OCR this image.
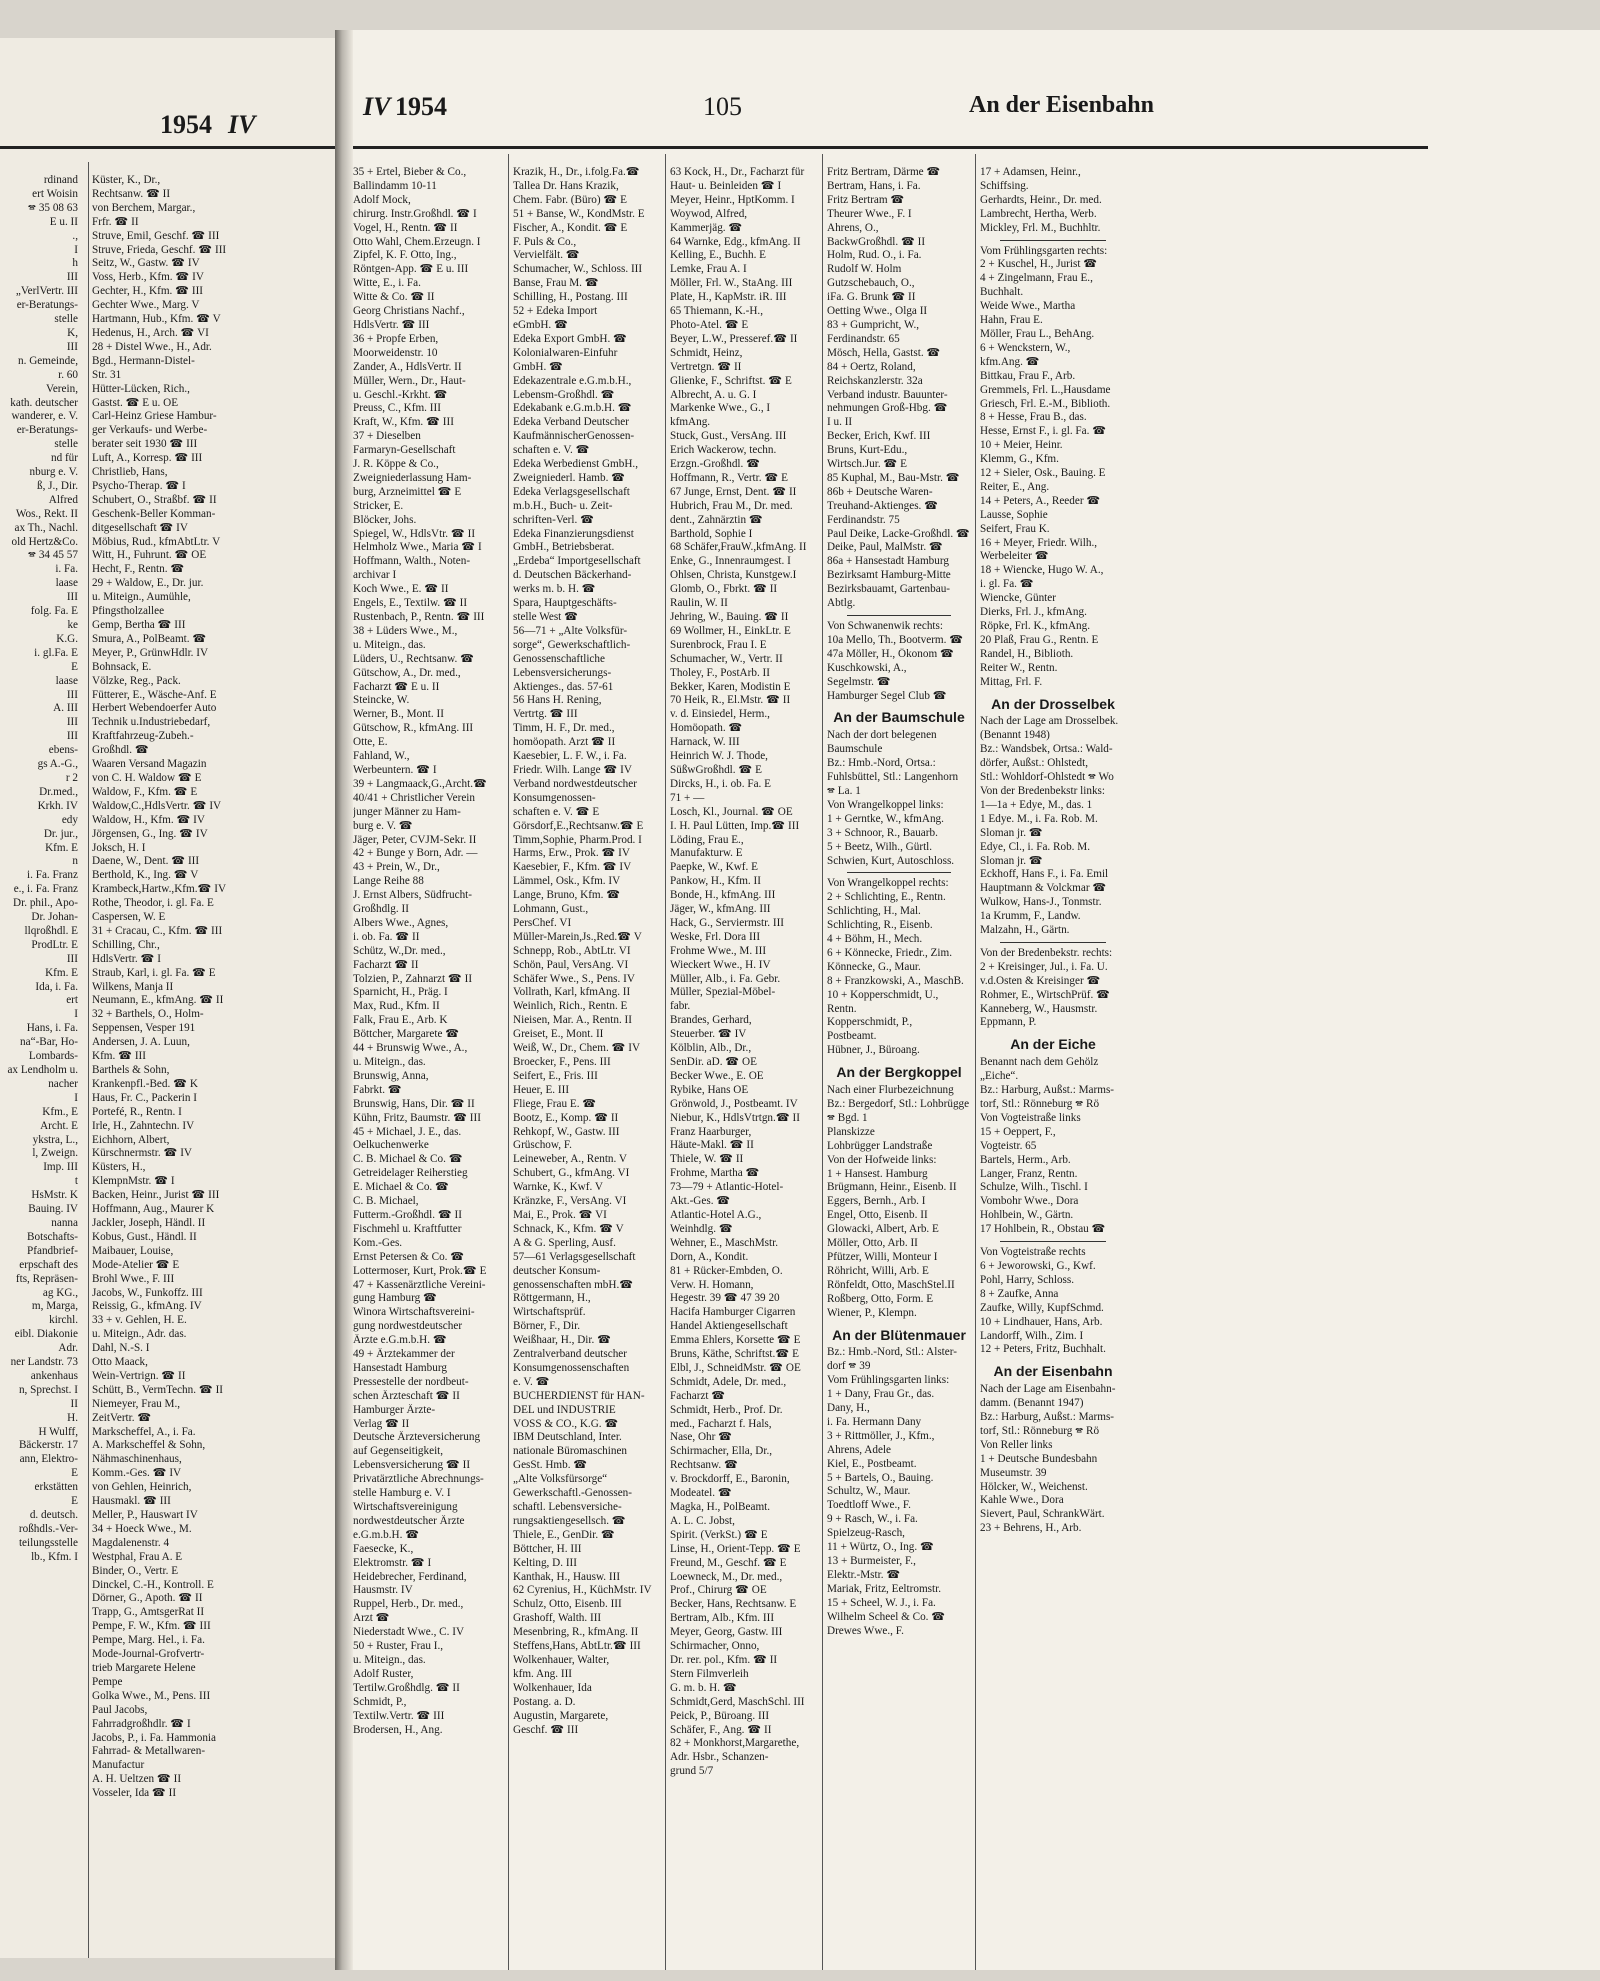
1954 IV
rdinand
ert Woisin
🕿 35 08 63
E u. II
.,
I
h
III
„VerlVertr. III
er-Beratungs-
stelle
K,
III
n. Gemeinde,
r. 60
Verein,
kath. deutscher
wanderer, e. V.
er-Beratungs-
stelle
nd für
nburg e. V.
ß, J., Dir.
Alfred
Wos., Rekt. II
ax Th., Nachl.
old Hertz&Co.
🕿 34 45 57
i. Fa.
laase
III
folg. Fa. E
ke
K.G.
i. gl.Fa. E
E
laase
III
A. III
III
III
ebens-
gs A.-G.,
r 2
Dr.med.,
Krkh. IV
edy
Dr. jur.,
Kfm. E
n
i. Fa. Franz
e., i. Fa. Franz
Dr. phil., Apo-
Dr. Johan-
llqroßhdl. E
ProdLtr. E
III
Kfm. E
Ida, i. Fa.
ert
I
Hans, i. Fa.
na“-Bar, Ho-
Lombards-
ax Lendholm u.
nacher
I
Kfm., E
Archt. E
ykstra, L.,
l, Zweign.
Imp. III
t
HsMstr. K
Bauing. IV
nanna
Botschafts-
Pfandbrief-
erpschaft des
fts, Repräsen-
ag KG.,
m, Marga,
kirchl.
eibl. Diakonie
Adr.
ner Landstr. 73
ankenhaus
n, Sprechst. I
II
H.
H Wulff,
Bäckerstr. 17
ann, Elektro-
E
erkstätten
E
d. deutsch.
roßhdls.-Ver-
teilungsstelle
lb., Kfm. I
Küster, K., Dr.,
Rechtsanw. ☎ II
von Berchem, Margar.,
Frfr. ☎ II
Struve, Emil, Geschf. ☎ III
Struve, Frieda, Geschf. ☎ III
Seitz, W., Gastw. ☎ IV
Voss, Herb., Kfm. ☎ IV
Gechter, H., Kfm. ☎ III
Gechter Wwe., Marg. V
Hartmann, Hub., Kfm. ☎ V
Hedenus, H., Arch. ☎ VI
28 + Distel Wwe., H., Adr.
Bgd., Hermann-Distel-
Str. 31
Hütter-Lücken, Rich.,
Gastst. ☎ E u. OE
Carl-Heinz Griese Hambur-
ger Verkaufs- und Werbe-
berater seit 1930 ☎ III
Luft, A., Korresp. ☎ III
Christlieb, Hans,
Psycho-Therap. ☎ I
Schubert, O., Straßbf. ☎ II
Geschenk-Beller Komman-
ditgesellschaft ☎ IV
Möbius, Rud., kfmAbtLtr. V
Witt, H., Fuhrunt. ☎ OE
Hecht, F., Rentn. ☎
29 + Waldow, E., Dr. jur.
u. Miteign., Aumühle,
Pfingstholzallee
Gemp, Bertha ☎ III
Smura, A., PolBeamt. ☎
Meyer, P., GrünwHdlr. IV
Bohnsack, E.
Völzke, Reg., Pack.
Fütterer, E., Wäsche-Anf. E
Herbert Webendoerfer Auto
Technik u.Industriebedarf,
Kraftfahrzeug-Zubeh.-
Großhdl. ☎
Waaren Versand Magazin
von C. H. Waldow ☎ E
Waldow, F., Kfm. ☎ E
Waldow,C.,HdlsVertr. ☎ IV
Waldow, H., Kfm. ☎ IV
Jörgensen, G., Ing. ☎ IV
Joksch, H. I
Daene, W., Dent. ☎ III
Berthold, K., Ing. ☎ V
Krambeck,Hartw.,Kfm.☎ IV
Rothe, Theodor, i. gl. Fa. E
Caspersen, W. E
31 + Cracau, C., Kfm. ☎ III
Schilling, Chr.,
HdlsVertr. ☎ I
Straub, Karl, i. gl. Fa. ☎ E
Wilkens, Manja II
Neumann, E., kfmAng. ☎ II
32 + Barthels, O., Holm-
Seppensen, Vesper 191
Andersen, J. A. Luun,
Kfm. ☎ III
Barthels & Sohn,
Krankenpfl.-Bed. ☎ K
Haus, Fr. C., Packerin I
Portefé, R., Rentn. I
Irle, H., Zahntechn. IV
Eichhorn, Albert,
Kürschnermstr. ☎ IV
Küsters, H.,
KlempnMstr. ☎ I
Backen, Heinr., Jurist ☎ III
Hoffmann, Aug., Maurer K
Jackler, Joseph, Händl. II
Kobus, Gust., Händl. II
Maibauer, Louise,
Mode-Atelier ☎ E
Brohl Wwe., F. III
Jacobs, W., Funkoffz. III
Reissig, G., kfmAng. IV
33 + v. Gehlen, H. E.
u. Miteign., Adr. das.
Dahl, N.-S. I
Otto Maack,
Wein-Vertrign. ☎ II
Schütt, B., VermTechn. ☎ II
Niemeyer, Frau M.,
ZeitVertr. ☎
Markscheffel, A., i. Fa.
A. Markscheffel & Sohn,
Nähmaschinenhaus,
Komm.-Ges. ☎ IV
von Gehlen, Heinrich,
Hausmakl. ☎ III
Meller, P., Hauswart IV
34 + Hoeck Wwe., M.
Magdalenenstr. 4
Westphal, Frau A. E
Binder, O., Vertr. E
Dinckel, C.-H., Kontroll. E
Dörner, G., Apoth. ☎ II
Trapp, G., AmtsgerRat II
Pempe, F. W., Kfm. ☎ III
Pempe, Marg. Hel., i. Fa.
Mode-Journal-Grofvertr-
trieb Margarete Helene
Pempe
Golka Wwe., M., Pens. III
Paul Jacobs,
Fahrradgroßhdlr. ☎ I
Jacobs, P., i. Fa. Hammonia
Fahrrad- & Metallwaren-
Manufactur
A. H. Ueltzen ☎ II
Vosseler, Ida ☎ II
IV 1954	105	An der Eisenbahn
35 + Ertel, Bieber & Co.,
Ballindamm 10-11
Adolf Mock,
chirurg. Instr.Großhdl. ☎ I
Vogel, H., Rentn. ☎ II
Otto Wahl, Chem.Erzeugn. I
Zipfel, K. F. Otto, Ing.,
Röntgen-App. ☎ E u. III
Witte, E., i. Fa.
Witte & Co. ☎ II
Georg Christians Nachf.,
HdlsVertr. ☎ III
36 + Propfe Erben,
Moorweidenstr. 10
Zander, A., HdlsVertr. II
Müller, Wern., Dr., Haut-
u. Geschl.-Krkht. ☎
Preuss, C., Kfm. III
Kraft, W., Kfm. ☎ III
37 + Dieselben
Farmaryn-Gesellschaft
J. R. Köppe & Co.,
Zweigniederlassung Ham-
burg, Arzneimittel ☎ E
Stricker, E.
Blöcker, Johs.
Spiegel, W., HdlsVtr. ☎ II
Helmholz Wwe., Maria ☎ I
Hoffmann, Walth., Noten-
archivar I
Koch Wwe., E. ☎ II
Engels, E., Textilw. ☎ II
Rustenbach, P., Rentn. ☎ III
38 + Lüders Wwe., M.,
u. Miteign., das.
Lüders, U., Rechtsanw. ☎
Gütschow, A., Dr. med.,
Facharzt ☎ E u. II
Steincke, W.
Werner, B., Mont. II
Gütschow, R., kfmAng. III
Otte, E.
Fahland, W.,
Werbeuntern. ☎ I
39 + Langmaack,G.,Archt.☎
40/41 + Christlicher Verein
junger Männer zu Ham-
burg e. V. ☎
Jäger, Peter, CVJM-Sekr. II
42 + Bunge y Born, Adr. —
43 + Prein, W., Dr.,
Lange Reihe 88
J. Ernst Albers, Südfrucht-
Großhdlg. II
Albers Wwe., Agnes,
i. ob. Fa. ☎ II
Schütz, W.,Dr. med.,
Facharzt ☎ II
Tolzien, P., Zahnarzt ☎ II
Sparnicht, H., Präg. I
Max, Rud., Kfm. II
Falk, Frau E., Arb. K
Böttcher, Margarete ☎
44 + Brunswig Wwe., A.,
u. Miteign., das.
Brunswig, Anna,
Fabrkt. ☎
Brunswig, Hans, Dir. ☎ II
Kühn, Fritz, Baumstr. ☎ III
45 + Michael, J. E., das.
Oelkuchenwerke
C. B. Michael & Co. ☎
Getreidelager Reiherstieg
E. Michael & Co. ☎
C. B. Michael,
Futterm.-Großhdl. ☎ II
Fischmehl u. Kraftfutter
Kom.-Ges.
Ernst Petersen & Co. ☎
Lottermoser, Kurt, Prok.☎ E
47 + Kassenärztliche Vereini-
gung Hamburg ☎
Winora Wirtschaftsvereini-
gung nordwestdeutscher
Ärzte e.G.m.b.H. ☎
49 + Ärztekammer der
Hansestadt Hamburg
Pressestelle der nordbeut-
schen Ärzteschaft ☎ II
Hamburger Ärzte-
Verlag ☎ II
Deutsche Ärzteversicherung
auf Gegenseitigkeit,
Lebensversicherung ☎ II
Privatärztliche Abrechnungs-
stelle Hamburg e. V. I
Wirtschaftsvereinigung
nordwestdeutscher Ärzte
e.G.m.b.H. ☎
Faesecke, K.,
Elektromstr. ☎ I
Heidebrecher, Ferdinand,
Hausmstr. IV
Ruppel, Herb., Dr. med.,
Arzt ☎
Niederstadt Wwe., C. IV
50 + Ruster, Frau I.,
u. Miteign., das.
Adolf Ruster,
Tertilw.Großhdlg. ☎ II
Schmidt, P.,
Textilw.Vertr. ☎ III
Brodersen, H., Ang.
Krazik, H., Dr., i.folg.Fa.☎
Tallea Dr. Hans Krazik,
Chem. Fabr. (Büro) ☎ E
51 + Banse, W., KondMstr. E
Fischer, A., Kondit. ☎ E
F. Puls & Co.,
Vervielfält. ☎
Schumacher, W., Schloss. III
Banse, Frau M. ☎
Schilling, H., Postang. III
52 + Edeka Import
eGmbH. ☎
Edeka Export GmbH. ☎
Kolonialwaren-Einfuhr
GmbH. ☎
Edekazentrale e.G.m.b.H.,
Lebensm-Großhdl. ☎
Edekabank e.G.m.b.H. ☎
Edeka Verband Deutscher
KaufmännischerGenossen-
schaften e. V. ☎
Edeka Werbedienst GmbH.,
Zweigniederl. Hamb. ☎
Edeka Verlagsgesellschaft
m.b.H., Buch- u. Zeit-
schriften-Verl. ☎
Edeka Finanzierungsdienst
GmbH., Betriebsberat.
„Erdeba“ Importgesellschaft
d. Deutschen Bäckerhand-
werks m. b. H. ☎
Spara, Hauptgeschäfts-
stelle West ☎
56—71 + „Alte Volksfür-
sorge“, Gewerkschaftlich-
Genossenschaftliche
Lebensversicherungs-
Aktienges., das. 57-61
56 Hans H. Rening,
Vertrtg. ☎ III
Timm, H. F., Dr. med.,
homöopath. Arzt ☎ II
Kaesebier, L. F. W., i. Fa.
Friedr. Wilh. Lange ☎ IV
Verband nordwestdeutscher
Konsumgenossen-
schaften e. V. ☎ E
Görsdorf,E.,Rechtsanw.☎ E
Timm,Sophie, Pharm.Prod. I
Harms, Erw., Prok. ☎ IV
Kaesebier, F., Kfm. ☎ IV
Lämmel, Osk., Kfm. IV
Lange, Bruno, Kfm. ☎
Lohmann, Gust.,
PersChef. VI
Müller-Marein,Js.,Red.☎ V
Schnepp, Rob., AbtLtr. VI
Schön, Paul, VersAng. VI
Schäfer Wwe., S., Pens. IV
Vollrath, Karl, kfmAng. II
Weinlich, Rich., Rentn. E
Nieisen, Mar. A., Rentn. II
Greiset, E., Mont. II
Weiß, W., Dr., Chem. ☎ IV
Broecker, F., Pens. III
Seifert, E., Fris. III
Heuer, E. III
Fliege, Frau E. ☎
Bootz, E., Komp. ☎ II
Rehkopf, W., Gastw. III
Grüschow, F.
Leineweber, A., Rentn. V
Schubert, G., kfmAng. VI
Warnke, K., Kwf. V
Kränzke, F., VersAng. VI
Mai, E., Prok. ☎ VI
Schnack, K., Kfm. ☎ V
A & G. Sperling, Ausf.
57—61 Verlagsgesellschaft
deutscher Konsum-
genossenschaften mbH.☎
Röttgermann, H.,
Wirtschaftsprüf.
Börner, F., Dir.
Weißhaar, H., Dir. ☎
Zentralverband deutscher
Konsumgenossenschaften
e. V. ☎
BUCHERDIENST für HAN-
DEL und INDUSTRIE
VOSS & CO., K.G. ☎
IBM Deutschland, Inter.
nationale Büromaschinen
GesSt. Hmb. ☎
„Alte Volksfürsorge“
Gewerkschaftl.-Genossen-
schaftl. Lebensversiche-
rungsaktiengesellsch. ☎
Thiele, E., GenDir. ☎
Böttcher, H. III
Kelting, D. III
Kanthak, H., Hausw. III
62 Cyrenius, H., KüchMstr. IV
Schulz, Otto, Eisenb. III
Grashoff, Walth. III
Mesenbring, R., kfmAng. II
Steffens,Hans, AbtLtr.☎ III
Wolkenhauer, Walter,
kfm. Ang. III
Wolkenhauer, Ida
Postang. a. D.
Augustin, Margarete,
Geschf. ☎ III
63 Kock, H., Dr., Facharzt für
Haut- u. Beinleiden ☎ I
Meyer, Heinr., HptKomm. I
Woywod, Alfred,
Kammerjäg. ☎
64 Warnke, Edg., kfmAng. II
Kelling, E., Buchh. E
Lemke, Frau A. I
Möller, Frl. W., StaAng. III
Plate, H., KapMstr. iR. III
65 Thiemann, K.-H.,
Photo-Atel. ☎ E
Beyer, L.W., Presseref.☎ II
Schmidt, Heinz,
Vertretgn. ☎ II
Glienke, F., Schriftst. ☎ E
Albrecht, A. u. G. I
Markenke Wwe., G., I
kfmAng.
Stuck, Gust., VersAng. III
Erich Wackerow, techn.
Erzgn.-Großhdl. ☎
Hoffmann, R., Vertr. ☎ E
67 Junge, Ernst, Dent. ☎ II
Hubrich, Frau M., Dr. med.
dent., Zahnärztin ☎
Barthold, Sophie I
68 Schäfer,FrauW.,kfmAng. II
Enke, G., Innenraumgest. I
Ohlsen, Christa, Kunstgew.I
Glomb, O., Fbrkt. ☎ II
Raulin, W. II
Jehring, W., Bauing. ☎ II
69 Wollmer, H., EinkLtr. E
Surenbrock, Frau I. E
Schumacher, W., Vertr. II
Tholey, F., PostArb. II
Bekker, Karen, Modistin E
70 Heik, R., El.Mstr. ☎ II
v. d. Einsiedel, Herm.,
Homöopath. ☎
Harnack, W. III
Heinrich W. J. Thode,
SüßwGroßhdl. ☎ E
Dircks, H., i. ob. Fa. E
71 + —
Losch, Kl., Journal. ☎ OE
I. H. Paul Lütten, Imp.☎ III
Löding, Frau E.,
Manufakturw. E
Paepke, W., Kwf. E
Pankow, H., Kfm. II
Bonde, H., kfmAng. III
Jäger, W., kfmAng. III
Hack, G., Serviermstr. III
Weske, Frl. Dora III
Frohme Wwe., M. III
Wieckert Wwe., H. IV
Müller, Alb., i. Fa. Gebr.
Müller, Spezial-Möbel-
fabr.
Brandes, Gerhard,
Steuerber. ☎ IV
Kölblin, Alb., Dr.,
SenDir. aD. ☎ OE
Becker Wwe., E. OE
Rybike, Hans OE
Grönwold, J., Postbeamt. IV
Niebur, K., HdlsVtrtgn.☎ II
Franz Haarburger,
Häute-Makl. ☎ II
Thiele, W. ☎ II
Frohme, Martha ☎
73—79 + Atlantic-Hotel-
Akt.-Ges. ☎
Atlantic-Hotel A.G.,
Weinhdlg. ☎
Wehner, E., MaschMstr.
Dorn, A., Kondit.
81 + Rücker-Embden, O.
Verw. H. Homann,
Hegestr. 39 ☎ 47 39 20
Hacifa Hamburger Cigarren
Handel Aktiengesellschaft
Emma Ehlers, Korsette ☎ E
Bruns, Käthe, Schriftst.☎ E
Elbl, J., SchneidMstr. ☎ OE
Schmidt, Adele, Dr. med.,
Facharzt ☎
Schmidt, Herb., Prof. Dr.
med., Facharzt f. Hals,
Nase, Ohr ☎
Schirmacher, Ella, Dr.,
Rechtsanw. ☎
v. Brockdorff, E., Baronin,
Modeatel. ☎
Magka, H., PolBeamt.
A. L. C. Jobst,
Spirit. (VerkSt.) ☎ E
Linse, H., Orient-Tepp. ☎ E
Freund, M., Geschf. ☎ E
Loewneck, M., Dr. med.,
Prof., Chirurg ☎ OE
Becker, Hans, Rechtsanw. E
Bertram, Alb., Kfm. III
Meyer, Georg, Gastw. III
Schirmacher, Onno,
Dr. rer. pol., Kfm. ☎ II
Stern Filmverleih
G. m. b. H. ☎
Schmidt,Gerd, MaschSchl. III
Peick, P., Büroang. III
Schäfer, F., Ang. ☎ II
82 + Monkhorst,Margarethe,
Adr. Hsbr., Schanzen-
grund 5/7
Fritz Bertram, Därme ☎
Bertram, Hans, i. Fa.
Fritz Bertram ☎
Theurer Wwe., F. I
Ahrens, O.,
BackwGroßhdl. ☎ II
Holm, Rud. O., i. Fa.
Rudolf W. Holm
Gutzschebauch, O.,
iFa. G. Brunk ☎ II
Oetting Wwe., Olga II
83 + Gumpricht, W.,
Ferdinandstr. 65
Mösch, Hella, Gastst. ☎
84 + Oertz, Roland,
Reichskanzlerstr. 32a
Verband industr. Bauunter-
nehmungen Groß-Hbg. ☎
I u. II
Becker, Erich, Kwf. III
Bruns, Kurt-Edu.,
Wirtsch.Jur. ☎ E
85 Kuphal, M., Bau-Mstr. ☎
86b + Deutsche Waren-
Treuhand-Aktienges. ☎
Ferdinandstr. 75
Paul Deike, Lacke-Großhdl. ☎
Deike, Paul, MalMstr. ☎
86a + Hansestadt Hamburg
Bezirksamt Hamburg-Mitte
Bezirksbauamt, Gartenbau-
Abtlg.
Von Schwanenwik rechts:
10a Mello, Th., Bootverm. ☎
47a Möller, H., Ökonom ☎
Kuschkowski, A.,
Segelmstr. ☎
Hamburger Segel Club ☎
An der Baumschule
Nach der dort belegenen
Baumschule
Bz.: Hmb.-Nord, Ortsa.:
Fuhlsbüttel, Stl.: Langenhorn
🕿 La. 1
Von Wrangelkoppel links:
1 + Gerntke, W., kfmAng.
3 + Schnoor, R., Bauarb.
5 + Beetz, Wilh., Gürtl.
Schwien, Kurt, Autoschloss.
Von Wrangelkoppel rechts:
2 + Schlichting, E., Rentn.
Schlichting, H., Mal.
Schlichting, R., Eisenb.
4 + Böhm, H., Mech.
6 + Könnecke, Friedr., Zim.
Könnecke, G., Maur.
8 + Franzkowski, A., MaschB.
10 + Kopperschmidt, U.,
Rentn.
Kopperschmidt, P.,
Postbeamt.
Hübner, J., Büroang.
An der Bergkoppel
Nach einer Flurbezeichnung
Bz.: Bergedorf, Stl.: Lohbrügge
🕿 Bgd. 1
Planskizze
Lohbrügger Landstraße
Von der Hofweide links:
1 + Hansest. Hamburg
Brügmann, Heinr., Eisenb. II
Eggers, Bernh., Arb. I
Engel, Otto, Eisenb. II
Glowacki, Albert, Arb. E
Möller, Otto, Arb. II
Pfützer, Willi, Monteur I
Röhricht, Willi, Arb. E
Rönfeldt, Otto, MaschStel.II
Roßberg, Otto, Form. E
Wiener, P., Klempn.
An der Blütenmauer
Bz.: Hmb.-Nord, Stl.: Alster-
dorf 🕿 39
Vom Frühlingsgarten links:
1 + Dany, Frau Gr., das.
Dany, H.,
i. Fa. Hermann Dany
3 + Rittmöller, J., Kfm.,
Ahrens, Adele
Kiel, E., Postbeamt.
5 + Bartels, O., Bauing.
Schultz, W., Maur.
Toedtloff Wwe., F.
9 + Rasch, W., i. Fa.
Spielzeug-Rasch,
11 + Würtz, O., Ing. ☎
13 + Burmeister, F.,
Elektr.-Mstr. ☎
Mariak, Fritz, Eeltromstr.
15 + Scheel, W. J., i. Fa.
Wilhelm Scheel & Co. ☎
Drewes Wwe., F.
17 + Adamsen, Heinr.,
Schiffsing.
Gerhardts, Heinr., Dr. med.
Lambrecht, Hertha, Werb.
Mickley, Frl. M., Buchhltr.
Vom Frühlingsgarten rechts:
2 + Kuschel, H., Jurist ☎
4 + Zingelmann, Frau E.,
Buchhalt.
Weide Wwe., Martha
Hahn, Frau E.
Möller, Frau L., BehAng.
6 + Wenckstern, W.,
kfm.Ang. ☎
Bittkau, Frau F., Arb.
Gremmels, Frl. L.,Hausdame
Griesch, Frl. E.-M., Biblioth.
8 + Hesse, Frau B., das.
Hesse, Ernst F., i. gl. Fa. ☎
10 + Meier, Heinr.
Klemm, G., Kfm.
12 + Sieler, Osk., Bauing. E
Reiter, E., Ang.
14 + Peters, A., Reeder ☎
Lausse, Sophie
Seifert, Frau K.
16 + Meyer, Friedr. Wilh.,
Werbeleiter ☎
18 + Wiencke, Hugo W. A.,
i. gl. Fa. ☎
Wiencke, Günter
Dierks, Frl. J., kfmAng.
Röpke, Frl. K., kfmAng.
20 Plaß, Frau G., Rentn. E
Randel, H., Biblioth.
Reiter W., Rentn.
Mittag, Frl. F.
An der Drosselbek
Nach der Lage am Drosselbek.
(Benannt 1948)
Bz.: Wandsbek, Ortsa.: Wald-
dörfer, Außst.: Ohlstedt,
Stl.: Wohldorf-Ohlstedt 🕿 Wo
Von der Bredenbekstr links:
1—1a + Edye, M., das. 1
1 Edye. M., i. Fa. Rob. M.
Sloman jr. ☎
Edye, Cl., i. Fa. Rob. M.
Sloman jr. ☎
Eckhoff, Hans F., i. Fa. Emil
Hauptmann & Volckmar ☎
Wulkow, Hans-J., Tonmstr.
1a Krumm, F., Landw.
Malzahn, H., Gärtn.
Von der Bredenbekstr. rechts:
2 + Kreisinger, Jul., i. Fa. U.
v.d.Osten & Kreisinger ☎
Rohmer, E., WirtschPrüf. ☎
Kanneberg, W., Hausmstr.
Eppmann, P.
An der Eiche
Benannt nach dem Gehölz
„Eiche“.
Bz.: Harburg, Außst.: Marms-
torf, Stl.: Rönneburg 🕿 Rö
Von Vogteistraße links
15 + Oeppert, F.,
Vogteistr. 65
Bartels, Herm., Arb.
Langer, Franz, Rentn.
Schulze, Wilh., Tischl. I
Vombohr Wwe., Dora
Hohlbein, W., Gärtn.
17 Hohlbein, R., Obstau ☎
Von Vogteistraße rechts
6 + Jeworowski, G., Kwf.
Pohl, Harry, Schloss.
8 + Zaufke, Anna
Zaufke, Willy, KupfSchmd.
10 + Lindhauer, Hans, Arb.
Landorff, Wilh., Zim. I
12 + Peters, Fritz, Buchhalt.
An der Eisenbahn
Nach der Lage am Eisenbahn-
damm. (Benannt 1947)
Bz.: Harburg, Außst.: Marms-
torf, Stl.: Rönneburg 🕿 Rö
Von Reller links
1 + Deutsche Bundesbahn
Museumstr. 39
Hölcker, W., Weichenst.
Kahle Wwe., Dora
Sievert, Paul, SchrankWärt.
23 + Behrens, H., Arb.
